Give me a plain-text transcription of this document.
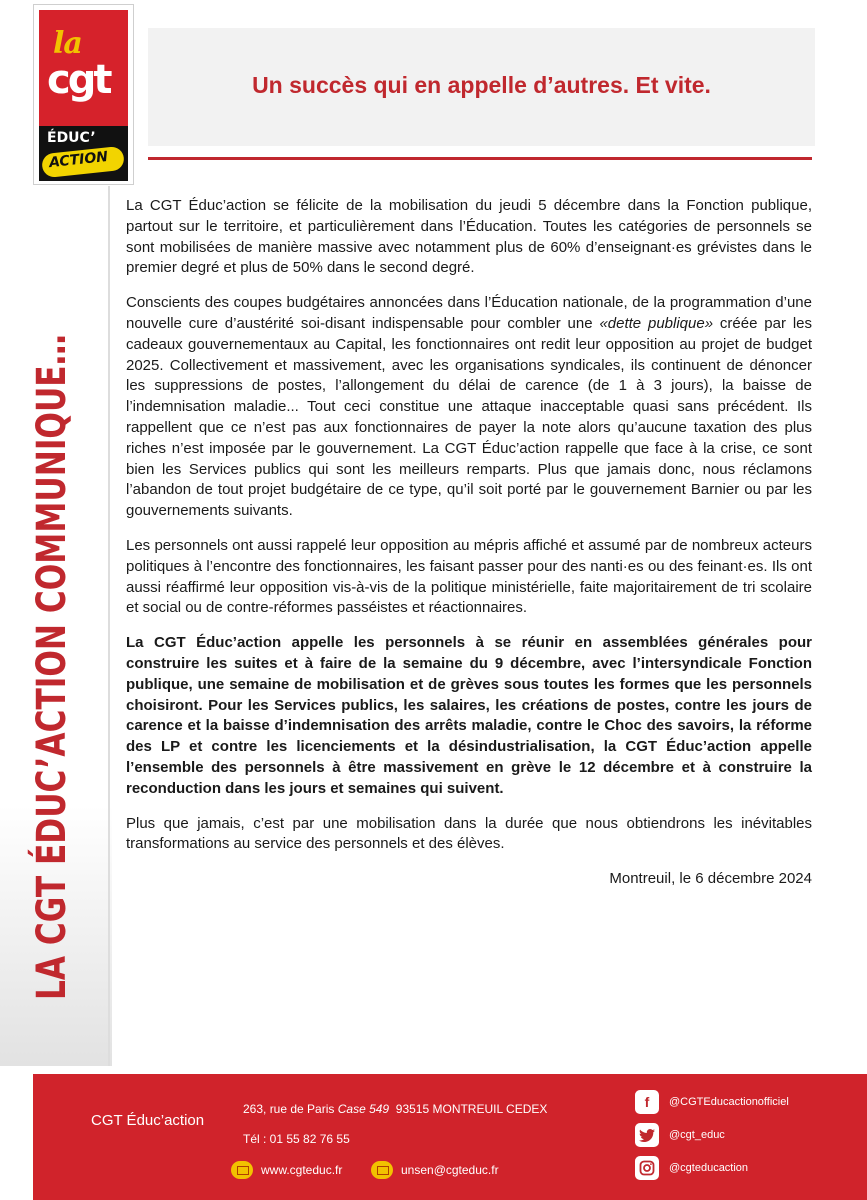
la
cgt
ÉDUC’
ACTION
Un succès qui en appelle d’autres. Et vite.
LA CGT ÉDUC’ACTION COMMUNIQUE…

La CGT Éduc’action se félicite de la mobilisation du jeudi 5 décembre dans la Fonction publique, partout sur le territoire, et particulièrement dans l’Éducation. Toutes les catégories de personnels se sont mobilisées de manière massive avec notamment plus de 60% d’enseignant·es grévistes dans le premier degré et plus de 50% dans le second degré.

Conscients des coupes budgétaires annoncées dans l’Éducation nationale, de la programmation d’une nouvelle cure d’austérité soi-disant indispensable pour combler une «dette publique» créée par les cadeaux gouvernementaux au Capital, les fonctionnaires ont redit leur opposition au projet de budget 2025. Collectivement et massivement, avec les organisations syndicales, ils continuent de dénoncer les suppressions de postes, l’allongement du délai de carence (de 1 à 3 jours), la baisse de l’indemnisation maladie... Tout ceci constitue une attaque inacceptable quasi sans précédent. Ils rappellent que ce n’est pas aux fonctionnaires de payer la note alors qu’aucune taxation des plus riches n’est imposée par le gouvernement. La CGT Éduc’action rappelle que face à la crise, ce sont bien les Services publics qui sont les meilleurs remparts. Plus que jamais donc, nous réclamons l’abandon de tout projet budgétaire de ce type, qu’il soit porté par le gouvernement Barnier ou par les gouvernements suivants.

Les personnels ont aussi rappelé leur opposition au mépris affiché et assumé par de nombreux acteurs politiques à l’encontre des fonctionnaires, les faisant passer pour des nanti·es ou des feinant·es. Ils ont aussi réaffirmé leur opposition vis-à-vis de la politique ministérielle, faite majoritairement de tri scolaire et social ou de contre-réformes passéistes et réactionnaires.

La CGT Éduc’action appelle les personnels à se réunir en assemblées générales pour construire les suites et à faire de la semaine du 9 décembre, avec l’intersyndicale Fonction publique, une semaine de mobilisation et de grèves sous toutes les formes que les personnels choisiront. Pour les Services publics, les salaires, les créations de postes, contre les jours de carence et la baisse d’indemnisation des arrêts maladie, contre le Choc des savoirs, la réforme des LP et contre les licenciements et la désindustrialisation, la CGT Éduc’action appelle l’ensemble des personnels à être massivement en grève le 12 décembre et à construire la reconduction dans les jours et semaines qui suivent.

Plus que jamais, c’est par une mobilisation dans la durée que nous obtiendrons les inévitables transformations au service des personnels et des élèves.

Montreuil, le 6 décembre 2024

CGT Éduc’action
263, rue de Paris Case 549 93515 MONTREUIL CEDEX
Tél : 01 55 82 76 55
www.cgteduc.fr	unsen@cgteduc.fr
f	@CGTEducactionofficiel
@cgt_educ
@cgteducaction
